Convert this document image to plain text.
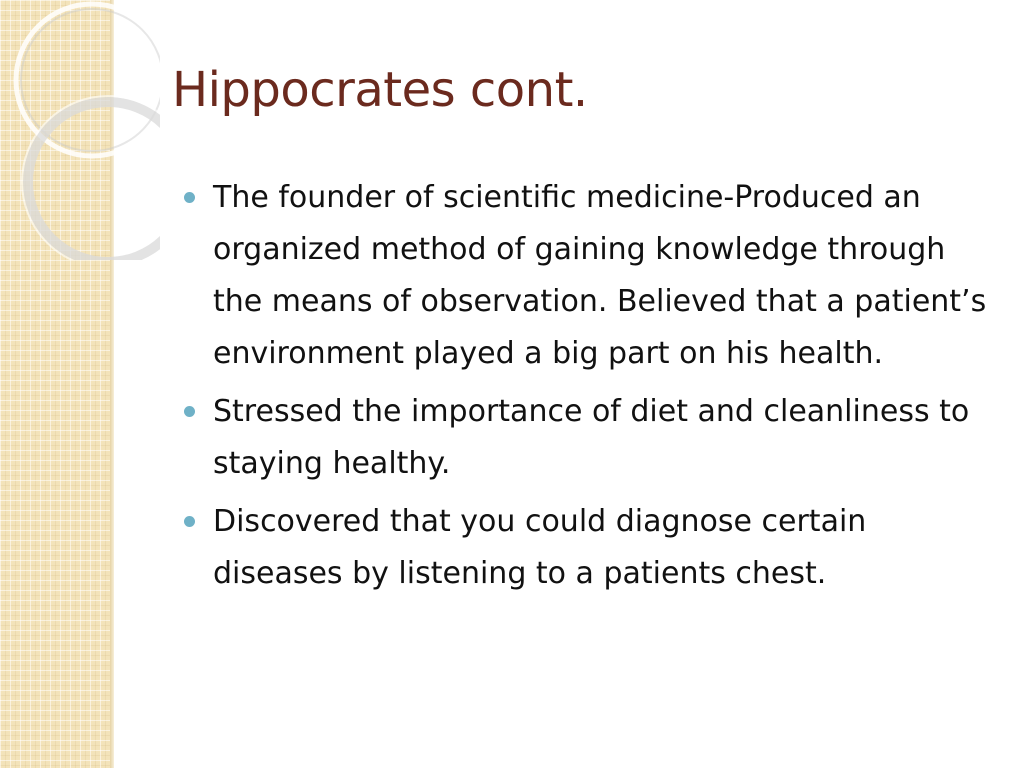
Hippocrates cont.
The founder of scientific medicine-Produced an organized method of gaining knowledge through the means of observation. Believed that a patient’s environment played a big part on his health.
Stressed the importance of diet and cleanliness to staying healthy.
Discovered that you could diagnose certain diseases by listening to a patients chest.
